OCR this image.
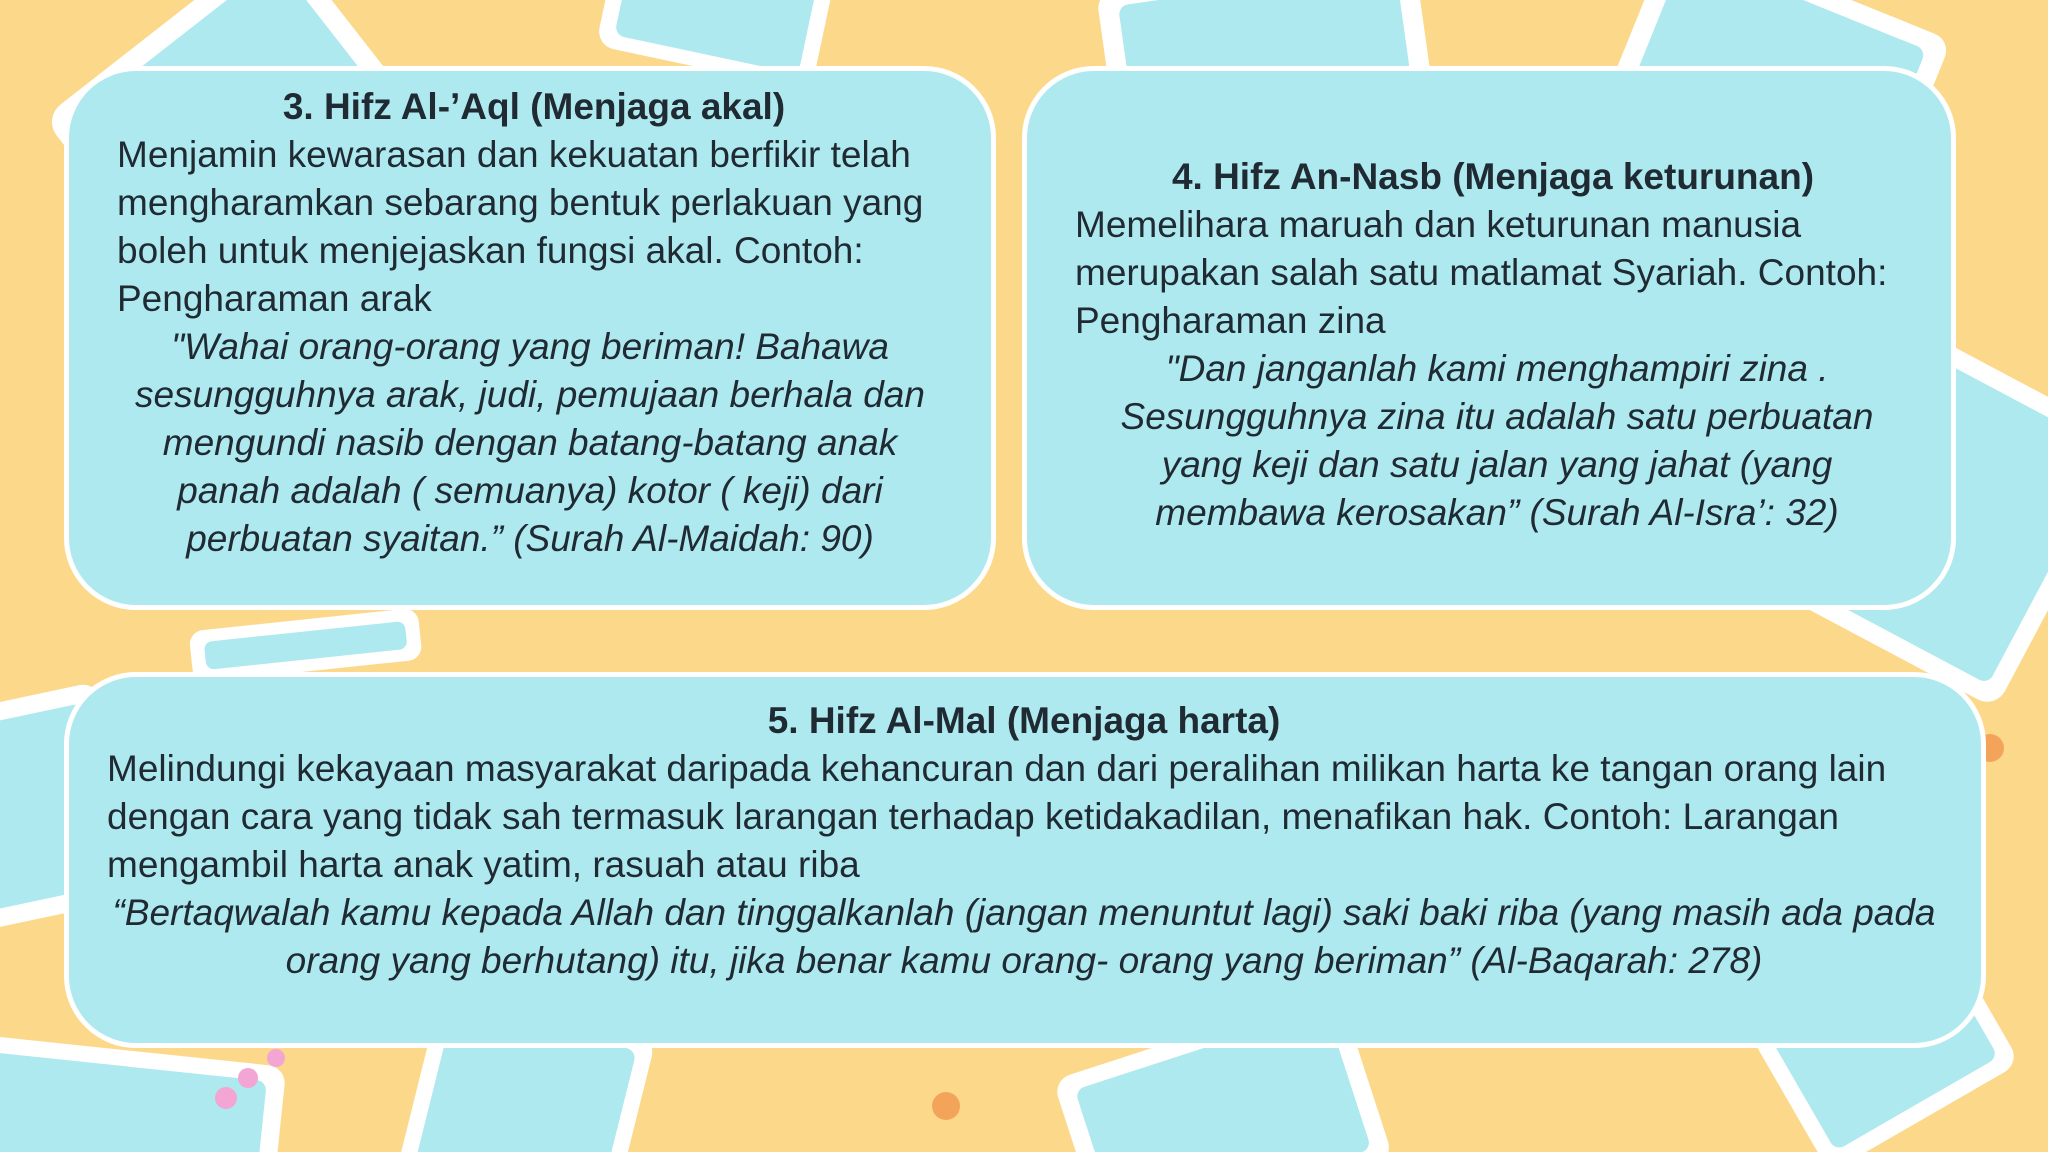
3. Hifz Al-’Aql (Menjaga akal)

Menjamin kewarasan dan kekuatan berfikir telah mengharamkan sebarang bentuk perlakuan yang boleh untuk menjejaskan fungsi akal. Contoh: Pengharaman arak

"Wahai orang-orang yang beriman! Bahawa sesungguhnya arak, judi, pemujaan berhala dan mengundi nasib dengan batang-batang anak panah adalah ( semuanya) kotor ( keji) dari perbuatan syaitan.” (Surah Al-Maidah: 90)

4. Hifz An-Nasb (Menjaga keturunan)

Memelihara maruah dan keturunan manusia merupakan salah satu matlamat Syariah. Contoh: Pengharaman zina

"Dan janganlah kami menghampiri zina . Sesungguhnya zina itu adalah satu perbuatan yang keji dan satu jalan yang jahat (yang membawa kerosakan” (Surah Al-Isra’: 32)

5. Hifz Al-Mal (Menjaga harta)

Melindungi kekayaan masyarakat daripada kehancuran dan dari peralihan milikan harta ke tangan orang lain dengan cara yang tidak sah termasuk larangan terhadap ketidakadilan, menafikan hak. Contoh: Larangan mengambil harta anak yatim, rasuah atau riba

“Bertaqwalah kamu kepada Allah dan tinggalkanlah (jangan menuntut lagi) saki baki riba (yang masih ada pada orang yang berhutang) itu, jika benar kamu orang- orang yang beriman” (Al-Baqarah: 278)
